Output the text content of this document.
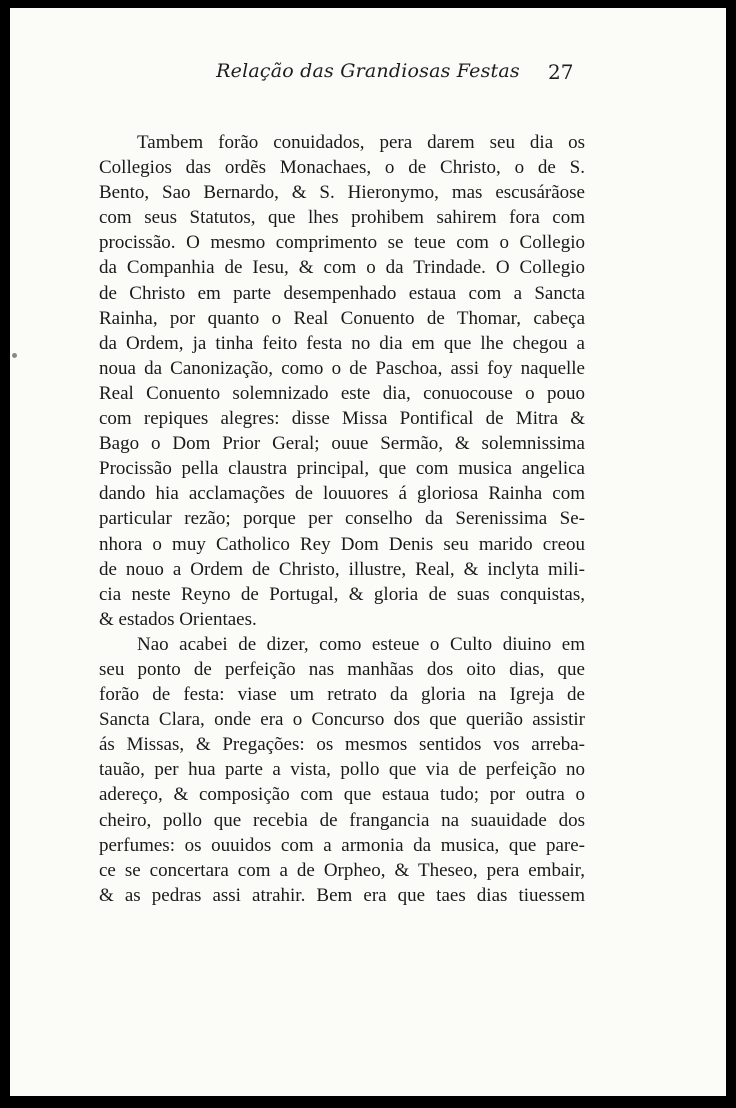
Relação das Grandiosas Festas	27
Tambem forão conuidados, pera darem seu dia os
Collegios das ordẽs Monachaes, o de Christo, o de S.
Bento, Sao Bernardo, & S. Hieronymo, mas escusárãose
com seus Statutos, que lhes prohibem sahirem fora com
procissão. O mesmo comprimento se teue com o Collegio
da Companhia de Iesu, & com o da Trindade. O Collegio
de Christo em parte desempenhado estaua com a Sancta
Rainha, por quanto o Real Conuento de Thomar, cabeça
da Ordem, ja tinha feito festa no dia em que lhe chegou a
noua da Canonização, como o de Paschoa, assi foy naquelle
Real Conuento solemnizado este dia, conuocouse o pouo
com repiques alegres: disse Missa Pontifical de Mitra &
Bago o Dom Prior Geral; ouue Sermão, & solemnissima
Procissão pella claustra principal, que com musica angelica
dando hia acclamações de louuores á gloriosa Rainha com
particular rezão; porque per conselho da Serenissima Se-
nhora o muy Catholico Rey Dom Denis seu marido creou
de nouo a Ordem de Christo, illustre, Real, & inclyta mili-
cia neste Reyno de Portugal, & gloria de suas conquistas,
& estados Orientaes.
Nao acabei de dizer, como esteue o Culto diuino em
seu ponto de perfeição nas manhãas dos oito dias, que
forão de festa: viase um retrato da gloria na Igreja de
Sancta Clara, onde era o Concurso dos que querião assistir
ás Missas, & Pregações: os mesmos sentidos vos arreba-
tauão, per hua parte a vista, pollo que via de perfeição no
adereço, & composição com que estaua tudo; por outra o
cheiro, pollo que recebia de frangancia na suauidade dos
perfumes: os ouuidos com a armonia da musica, que pare-
ce se concertara com a de Orpheo, & Theseo, pera embair,
& as pedras assi atrahir. Bem era que taes dias tiuessem
